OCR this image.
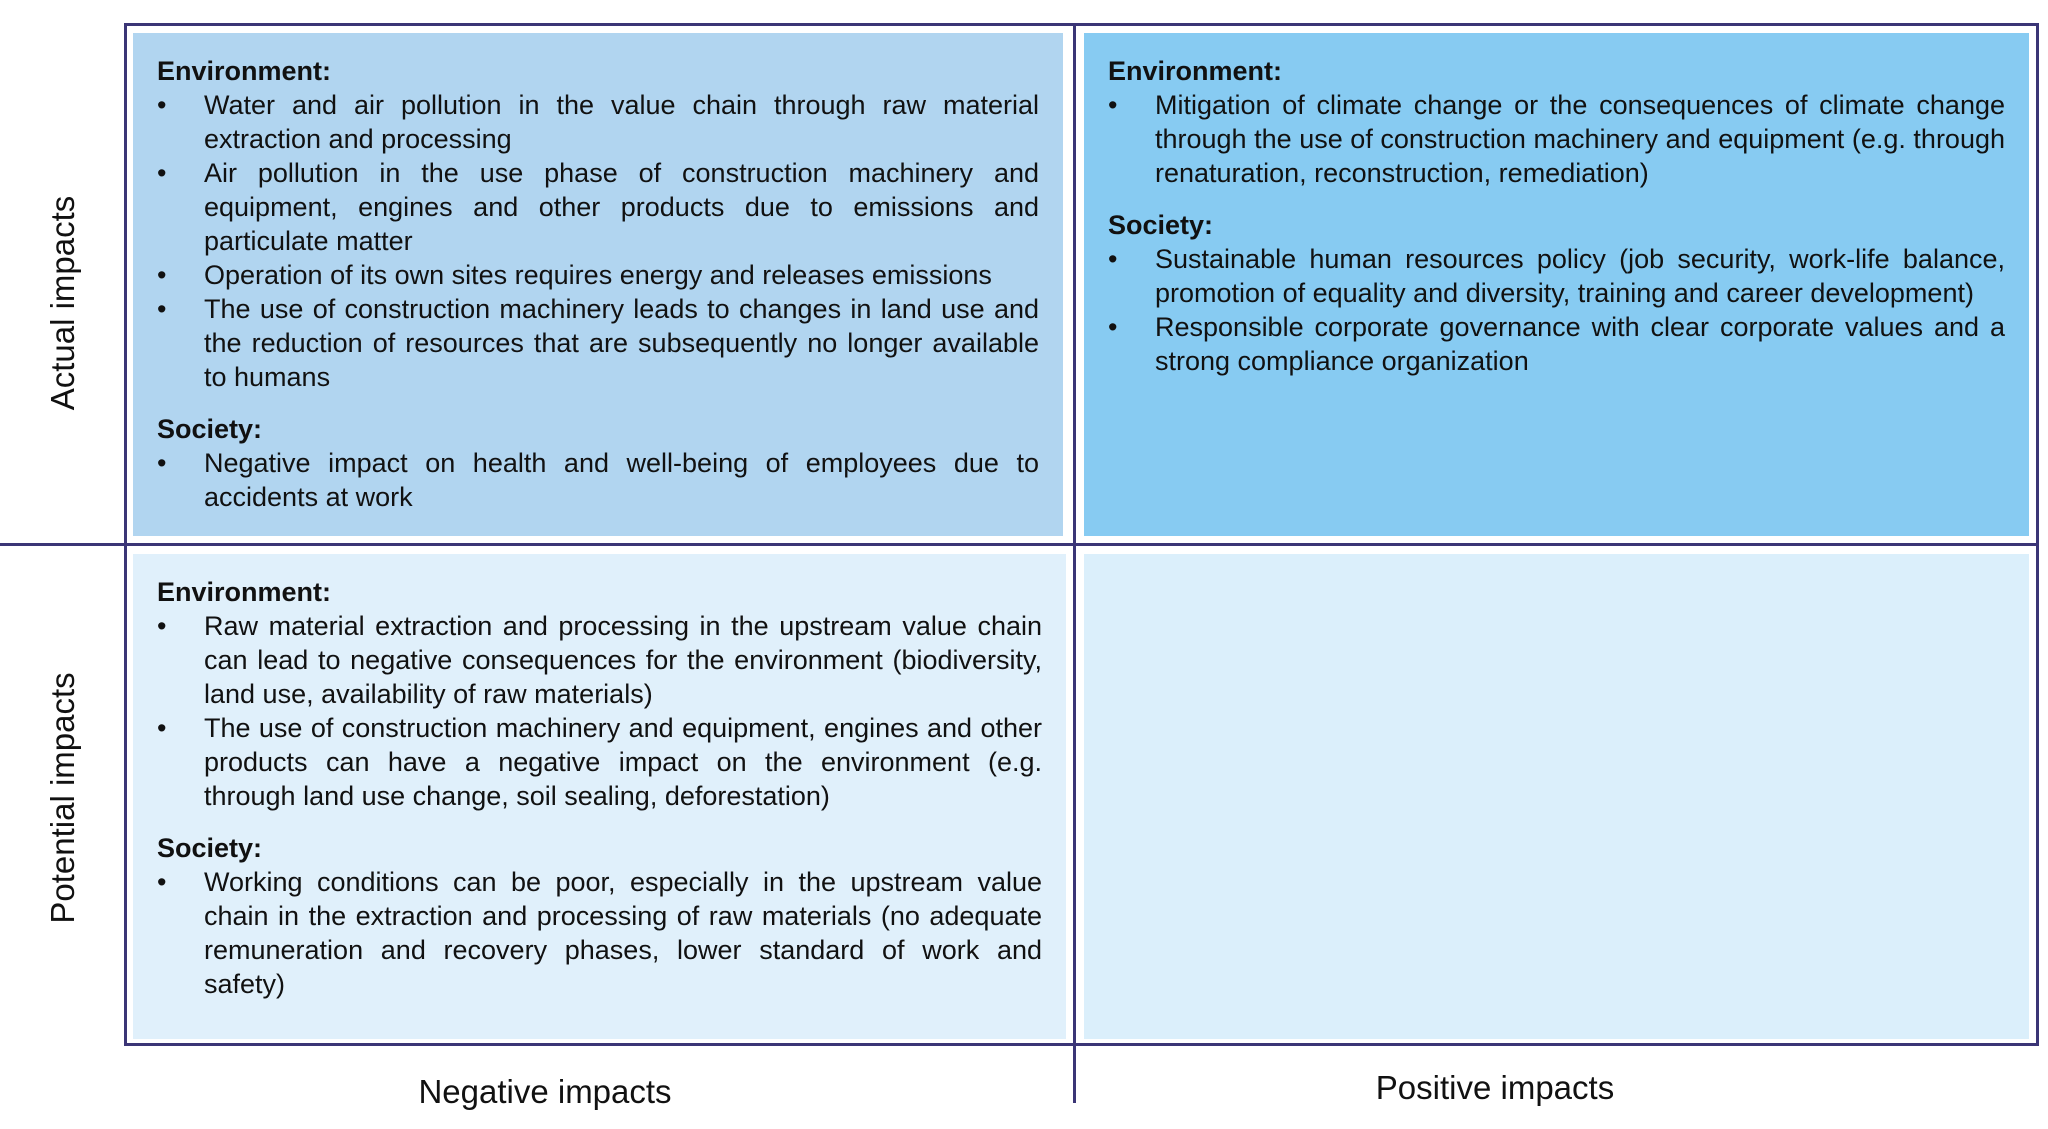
Actual impacts
Potential impacts
Negative impacts	Positive impacts
Environment:
• Water and air pollution in the value chain through raw material extraction and processing
• Air pollution in the use phase of construction machinery and equipment, engines and other products due to emissions and particulate matter
• Operation of its own sites requires energy and releases emissions
• The use of construction machinery leads to changes in land use and the reduction of resources that are subsequently no longer available to humans
Society:
• Negative impact on health and well-being of employees due to accidents at work
Environment:
• Mitigation of climate change or the consequences of climate change through the use of construction machinery and equipment (e.g. through renaturation, reconstruction, remediation)
Society:
• Sustainable human resources policy (job security, work-life balance, promotion of equality and diversity, training and career development)
• Responsible corporate governance with clear corporate values and a strong compliance organization
Environment:
• Raw material extraction and processing in the upstream value chain can lead to negative consequences for the environment (biodiversity, land use, availability of raw materials)
• The use of construction machinery and equipment, engines and other products can have a negative impact on the environment (e.g. through land use change, soil sealing, deforestation)
Society:
• Working conditions can be poor, especially in the upstream value chain in the extraction and processing of raw materials (no adequate remuneration and recovery phases, lower standard of work and safety)
